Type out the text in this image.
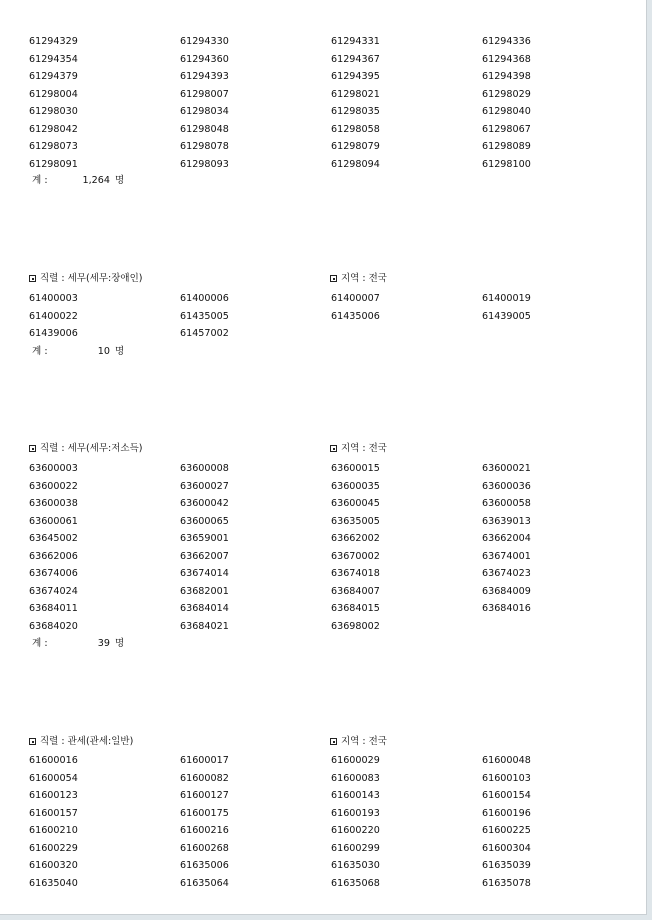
61294329	61294330	61294331	61294336
61294354	61294360	61294367	61294368
61294379	61294393	61294395	61294398
61298004	61298007	61298021	61298029
61298030	61298034	61298035	61298040
61298042	61298048	61298058	61298067
61298073	61298078	61298079	61298089
61298091	61298093	61298094	61298100
계 :	1,264 명
직렬 : 세무(세무:장애인)	지역 : 전국
61400003	61400006	61400007	61400019
61400022	61435005	61435006	61439005
61439006	61457002
계 :	10 명
직렬 : 세무(세무:저소득)	지역 : 전국
63600003	63600008	63600015	63600021
63600022	63600027	63600035	63600036
63600038	63600042	63600045	63600058
63600061	63600065	63635005	63639013
63645002	63659001	63662002	63662004
63662006	63662007	63670002	63674001
63674006	63674014	63674018	63674023
63674024	63682001	63684007	63684009
63684011	63684014	63684015	63684016
63684020	63684021	63698002
계 :	39 명
직렬 : 관세(관세:일반)	지역 : 전국
61600016	61600017	61600029	61600048
61600054	61600082	61600083	61600103
61600123	61600127	61600143	61600154
61600157	61600175	61600193	61600196
61600210	61600216	61600220	61600225
61600229	61600268	61600299	61600304
61600320	61635006	61635030	61635039
61635040	61635064	61635068	61635078
